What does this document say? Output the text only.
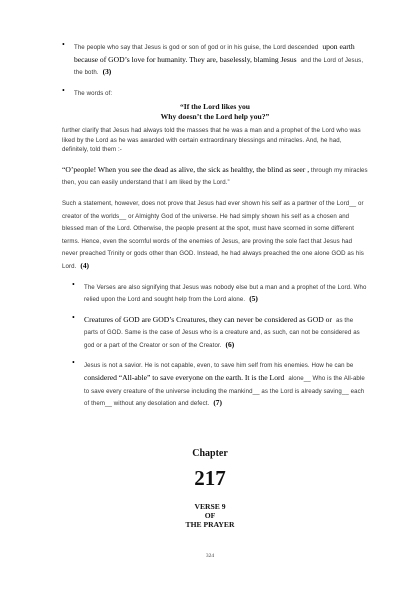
•	The people who say that Jesus is god or son of god or in his guise, the Lord descended upon earth because of GOD’s love for humanity. They are, baselessly, blaming Jesus and the Lord of Jesus, the both. (3)
•	The words of:
“If the Lord likes you
Why doesn’t the Lord help you?”

further clarify that Jesus had always told the masses that he was a man and a prophet of the Lord who was liked by the Lord as he was awarded with certain extraordinary blessings and miracles. And, he had, definitely, told them :-

“O’people! When you see the dead as alive, the sick as healthy, the blind as seer , through my miracles then, you can easily understand that I am liked by the Lord.”

Such a statement, however, does not prove that Jesus had ever shown his self as a partner of the Lord__ or creator of the worlds__ or Almighty God of the universe. He had simply shown his self as a chosen and blessed man of the Lord. Otherwise, the people present at the spot, must have scorned in some different terms. Hence, even the scornful words of the enemies of Jesus, are proving the sole fact that Jesus had never preached Trinity or gods other than GOD. Instead, he had always preached the one alone GOD as his Lord. (4)

•	The Verses are also signifying that Jesus was nobody else but a man and a prophet of the Lord. Who relied upon the Lord and sought help from the Lord alone. (5)
•	Creatures of GOD are GOD’s Creatures, they can never be considered as GOD or as the parts of GOD. Same is the case of Jesus who is a creature and, as such, can not be considered as god or a part of the Creator or son of the Creator. (6)
•	Jesus is not a savior. He is not capable, even, to save him self from his enemies. How he can be considered “All-able” to save everyone on the earth. It is the Lord alone__ Who is the All-able to save every creature of the universe including the mankind__ as the Lord is already saving__ each of them__ without any desolation and defect. (7)
Chapter
217
VERSE 9
OF
THE PRAYER
324
